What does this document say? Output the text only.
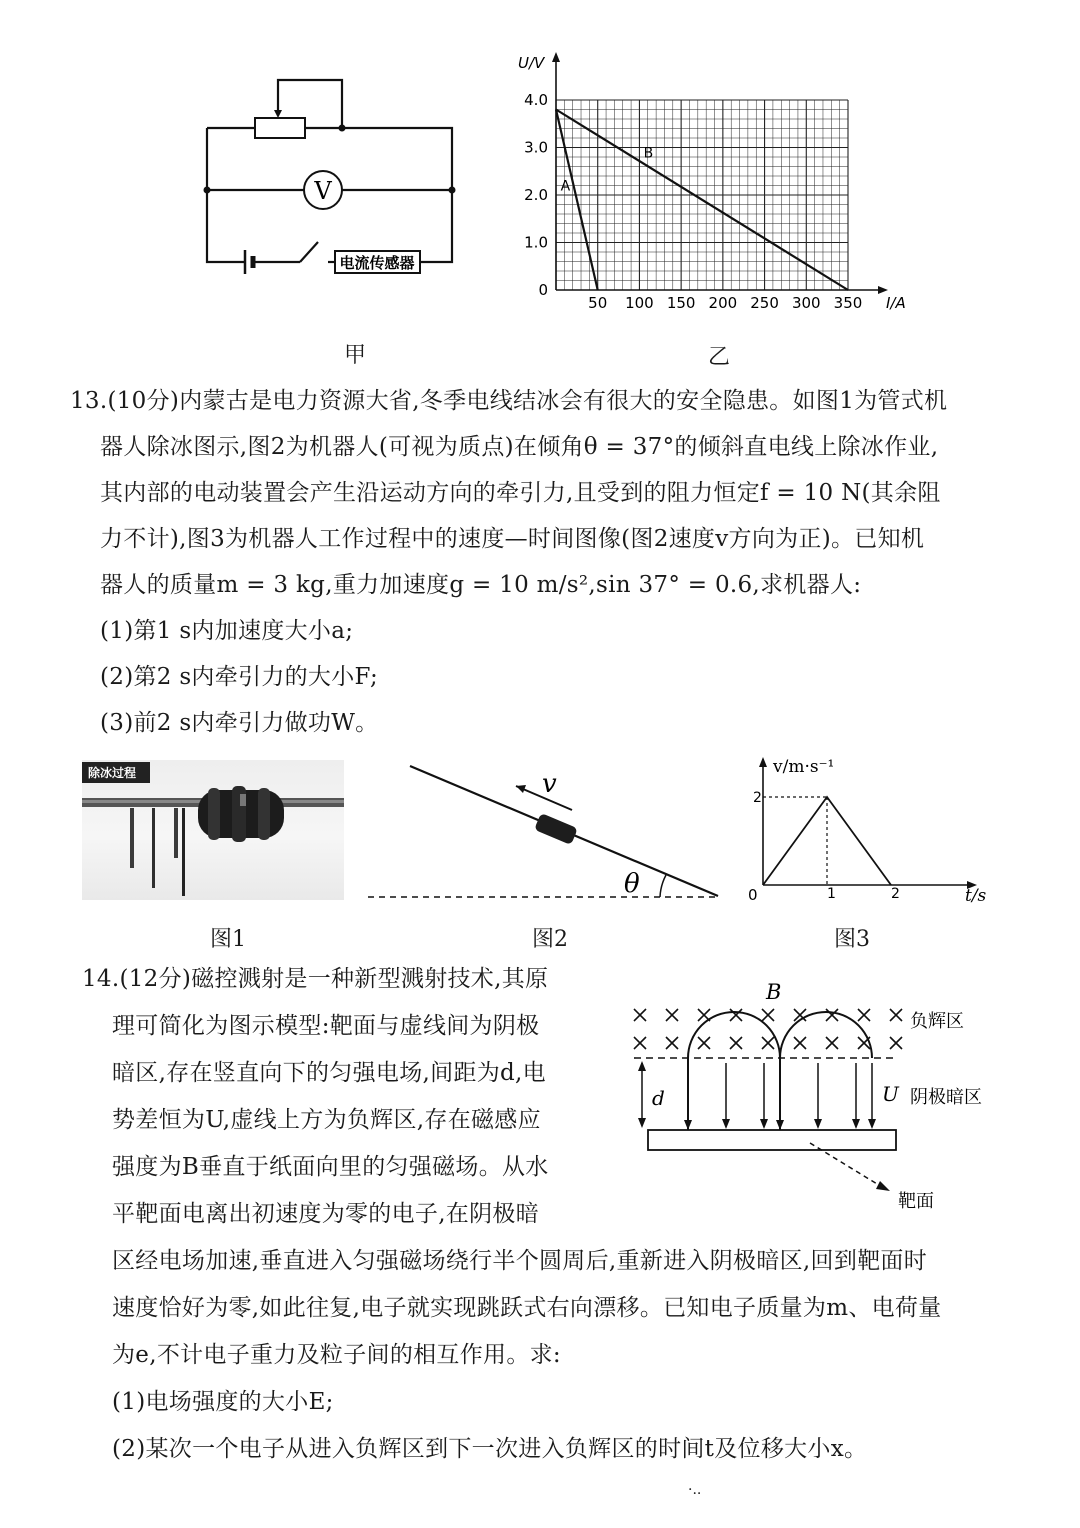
V
电流传感器
甲
50 100 150 200 250 300 350
0
1.0
2.0
3.0
4.0
U/V
I/A
A
B
乙
13.(10分)内蒙古是电力资源大省,冬季电线结冰会有很大的安全隐患。如图1为管式机
器人除冰图示,图2为机器人(可视为质点)在倾角θ = 37°的倾斜直电线上除冰作业,
其内部的电动装置会产生沿运动方向的牵引力,且受到的阻力恒定f = 10 N(其余阻
力不计),图3为机器人工作过程中的速度—时间图像(图2速度v方向为正)。已知机
器人的质量m = 3 kg,重力加速度g = 10 m/s²,sin 37° = 0.6,求机器人:
(1)第1 s内加速度大小a;
(2)第2 s内牵引力的大小F;
(3)前2 s内牵引力做功W。
除冰过程
图1
v
θ
图2
v/m·s⁻¹
t/s
2
0	1	2
图3
14.(12分)磁控溅射是一种新型溅射技术,其原
理可简化为图示模型:靶面与虚线间为阴极
暗区,存在竖直向下的匀强电场,间距为d,电
势差恒为U,虚线上方为负辉区,存在磁感应
强度为B垂直于纸面向里的匀强磁场。从水
平靶面电离出初速度为零的电子,在阴极暗
区经电场加速,垂直进入匀强磁场绕行半个圆周后,重新进入阴极暗区,回到靶面时
速度恰好为零,如此往复,电子就实现跳跃式右向漂移。已知电子质量为m、电荷量
为e,不计电子重力及粒子间的相互作用。求:
(1)电场强度的大小E;
(2)某次一个电子从进入负辉区到下一次进入负辉区的时间t及位移大小x。
B
负辉区
阴极暗区
d	U
靶面
·..
